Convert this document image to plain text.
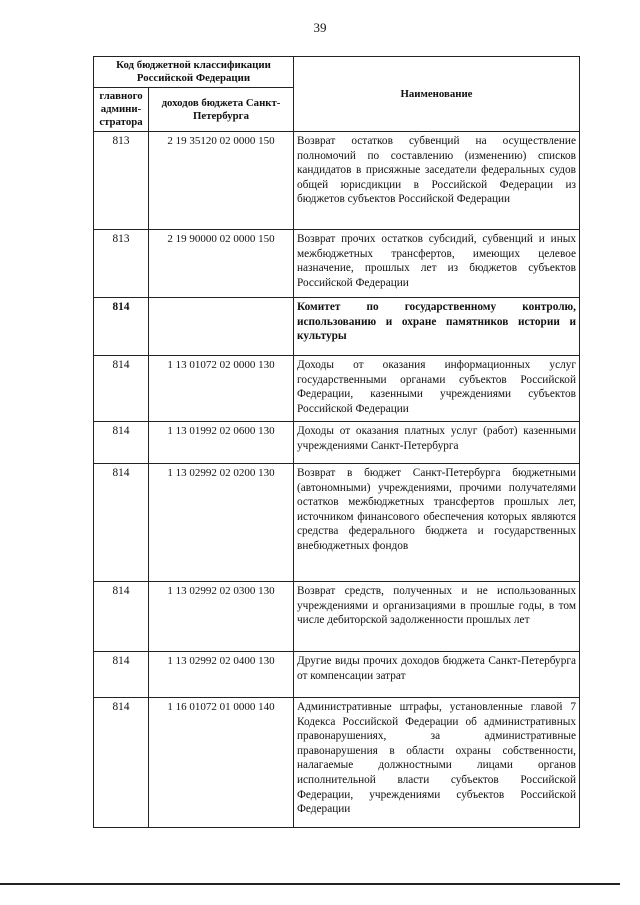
39
Код бюджетной классификации Российской Федерации		Наименование
главного админи-стратора	доходов бюджета Санкт-Петербурга	
813	2 19 35120 02 0000 150	Возврат остатков субвенций на осуществление полномочий по составлению (изменению) списков кандидатов в присяжные заседатели федеральных судов общей юрисдикции в Российской Федерации из бюджетов субъектов Российской Федерации
813	2 19 90000 02 0000 150	Возврат прочих остатков субсидий, субвенций и иных межбюджетных трансфертов, имеющих целевое назначение, прошлых лет из бюджетов субъектов Российской Федерации
814		Комитет по государственному контролю, использованию и охране памятников истории и культуры
814	1 13 01072 02 0000 130	Доходы от оказания информационных услуг государственными органами субъектов Российской Федерации, казенными учреждениями субъектов Российской Федерации
814	1 13 01992 02 0600 130	Доходы от оказания платных услуг (работ) казенными учреждениями Санкт-Петербурга
814	1 13 02992 02 0200 130	Возврат в бюджет Санкт-Петербурга бюджетными (автономными) учреждениями, прочими получателями остатков межбюджетных трансфертов прошлых лет, источником финансового обеспечения которых являются средства федерального бюджета и государственных внебюджетных фондов
814	1 13 02992 02 0300 130	Возврат средств, полученных и не использованных учреждениями и организациями в прошлые годы, в том числе дебиторской задолженности прошлых лет
814	1 13 02992 02 0400 130	Другие виды прочих доходов бюджета Санкт-Петербурга от компенсации затрат
814	1 16 01072 01 0000 140	Административные штрафы, установленные главой 7 Кодекса Российской Федерации об административных правонарушениях, за административные правонарушения в области охраны собственности, налагаемые должностными лицами органов исполнительной власти субъектов Российской Федерации, учреждениями субъектов Российской Федерации
